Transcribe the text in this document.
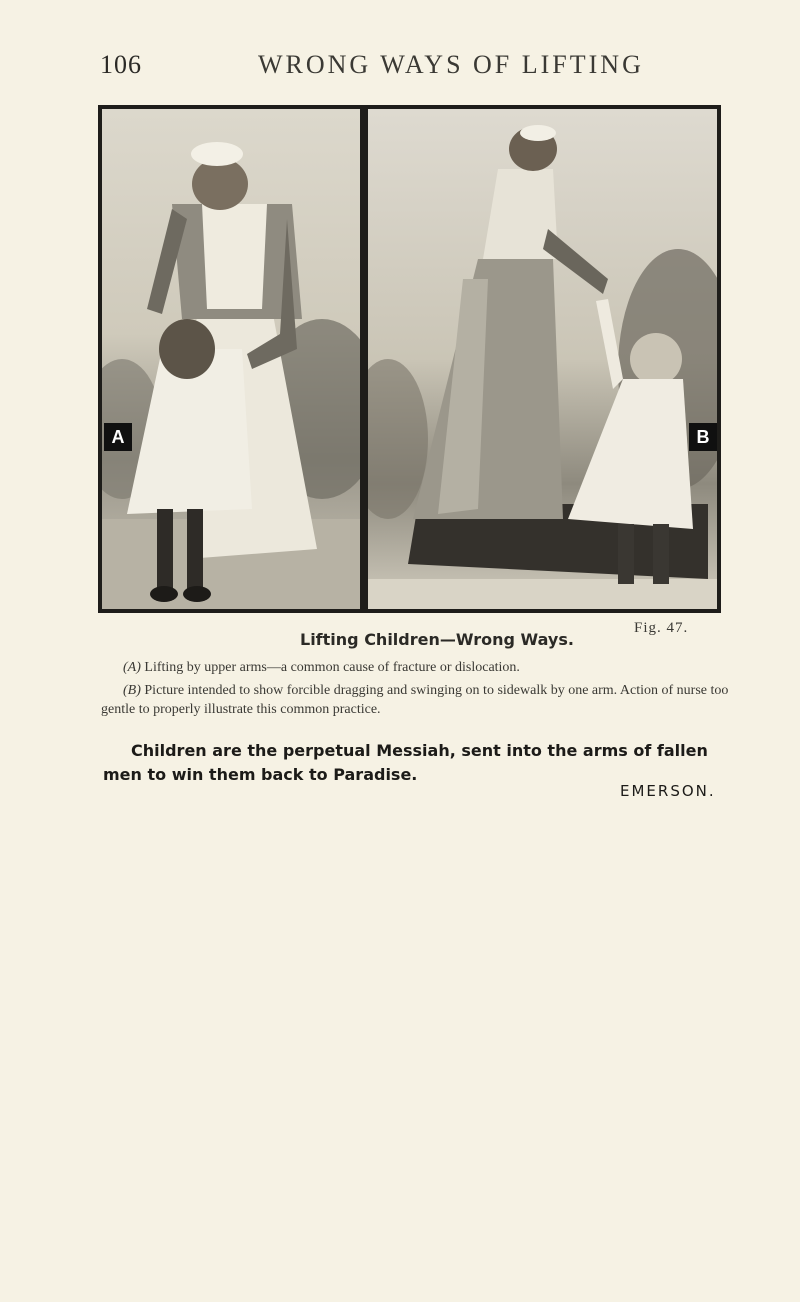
106	WRONG WAYS OF LIFTING
A	B
Fig. 47.
Lifting Children—Wrong Ways.
(A) Lifting by upper arms—a common cause of fracture or dislocation.
(B) Picture intended to show forcible dragging and swinging on to sidewalk by one arm. Action of nurse too gentle to properly illustrate this common practice.
Children are the perpetual Messiah, sent into the arms of fallen men to win them back to Paradise.
EMERSON.
